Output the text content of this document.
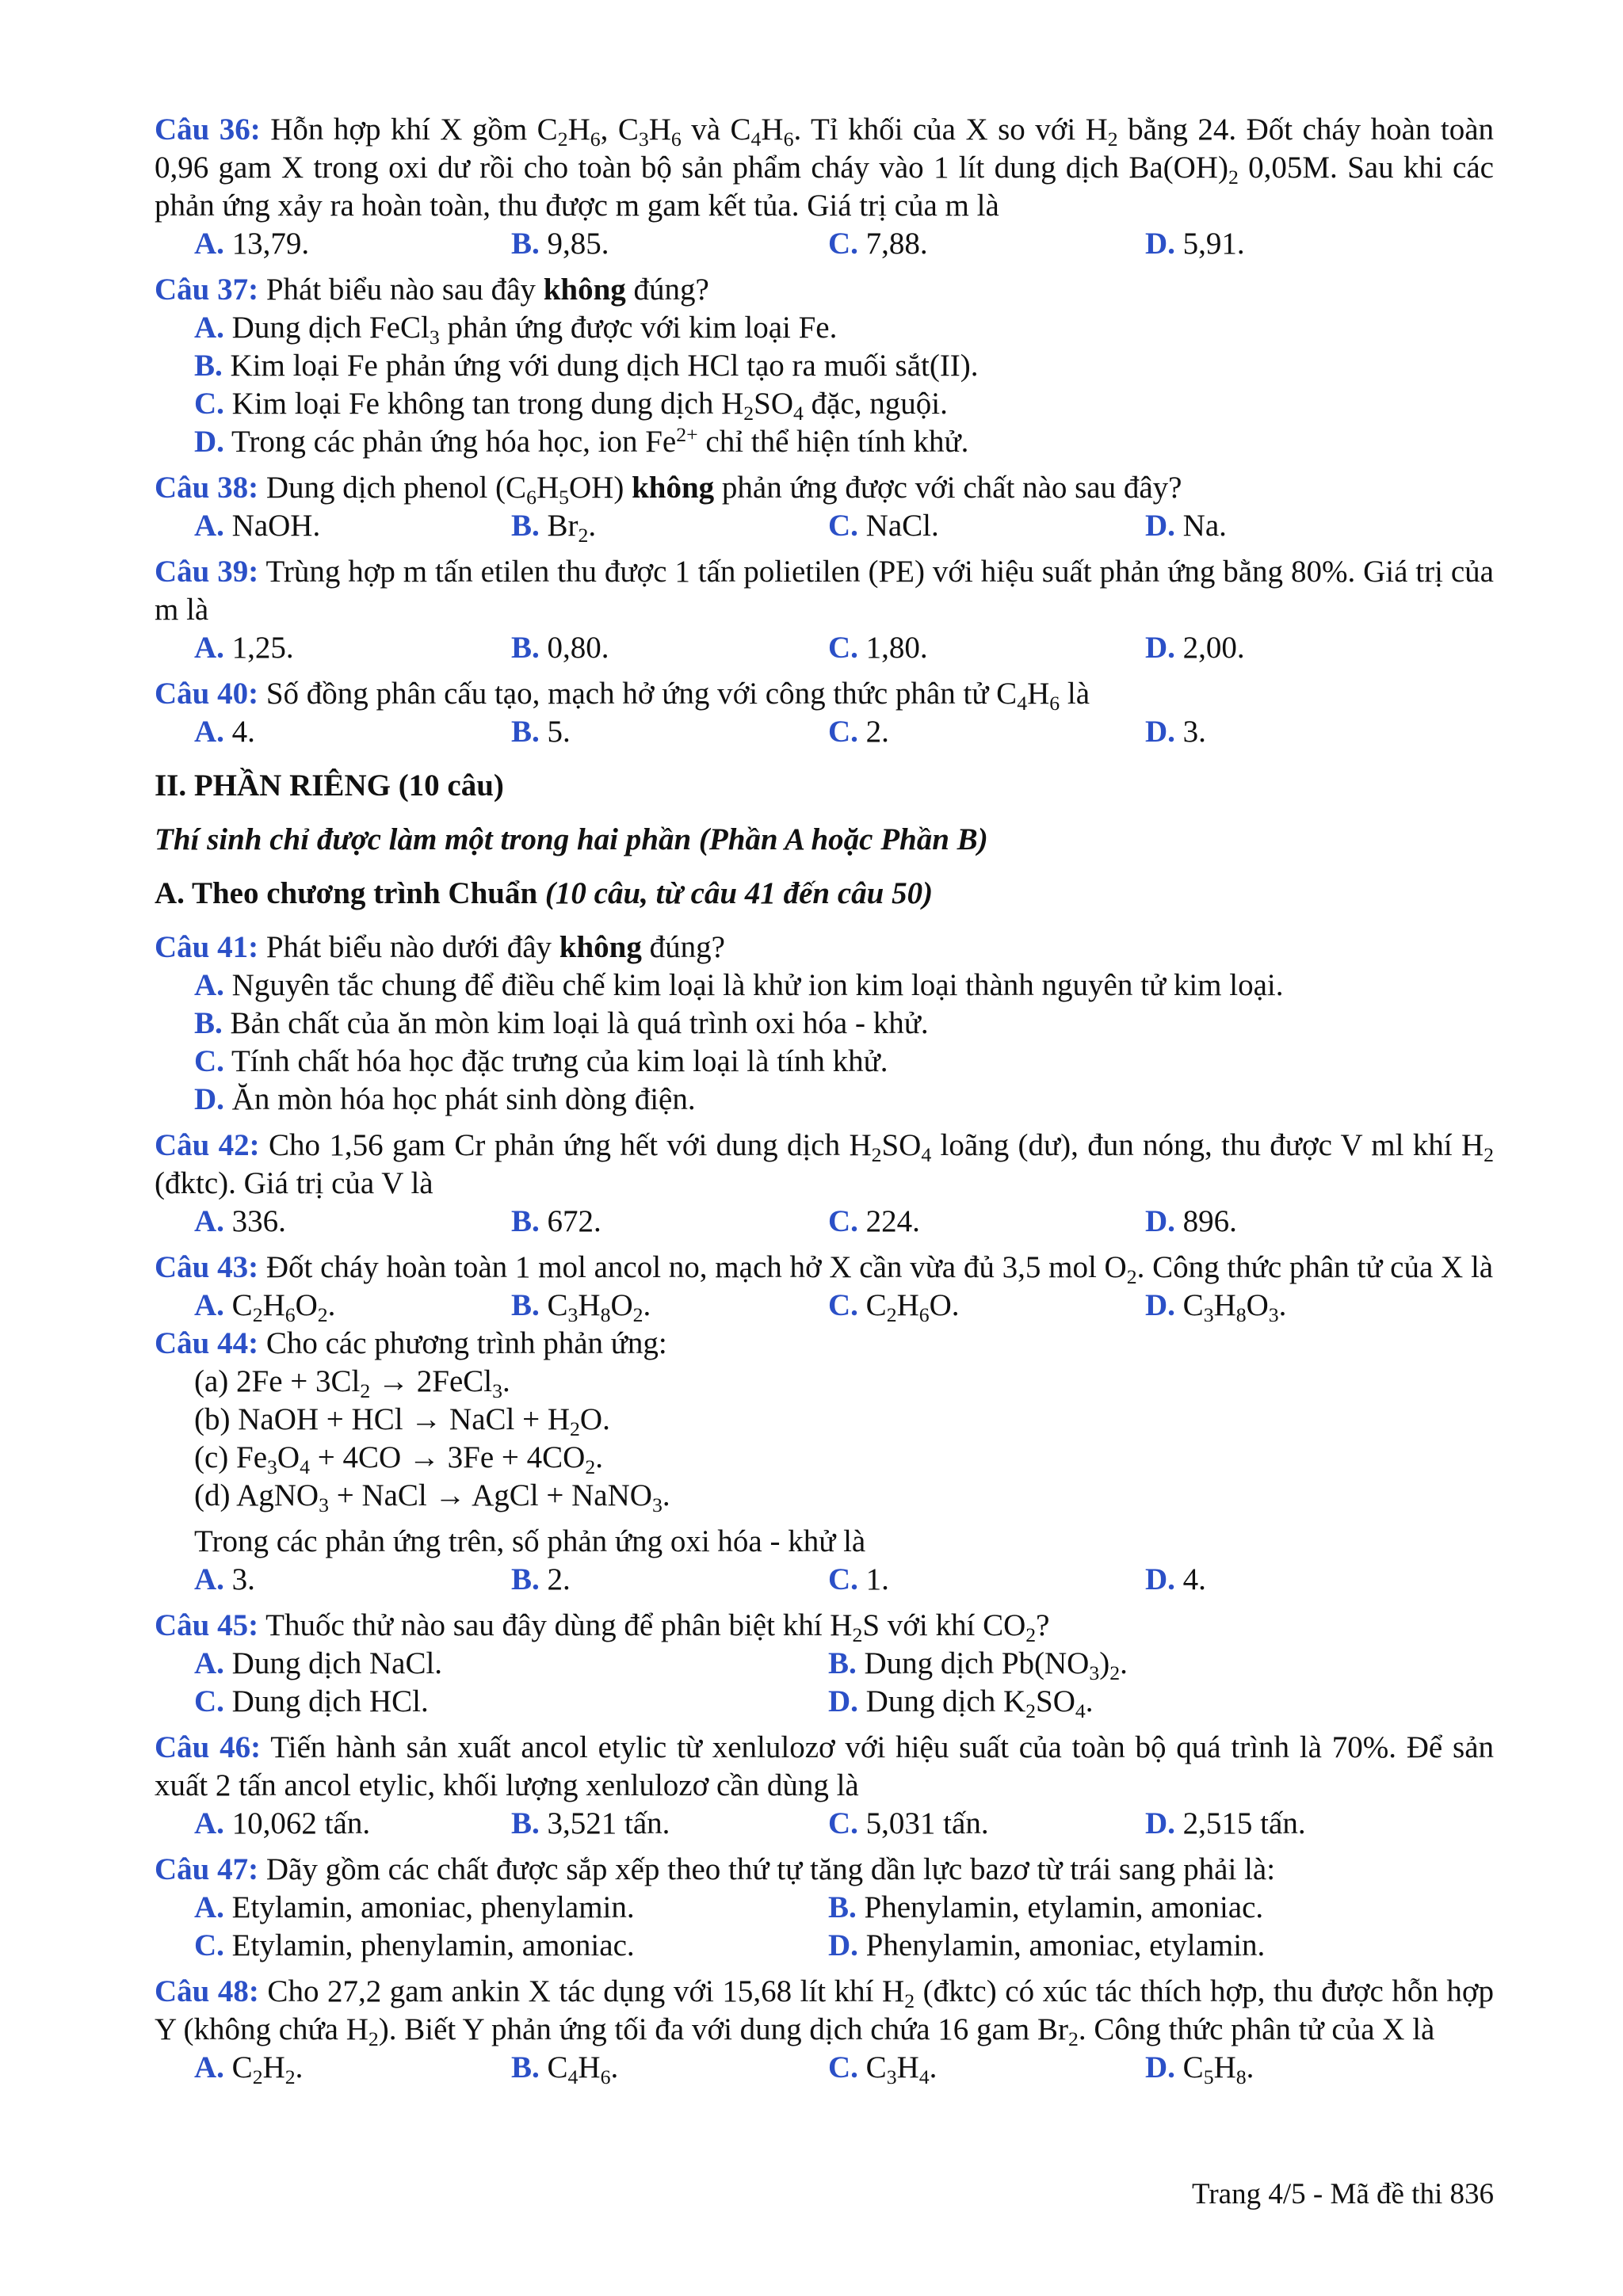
Câu 36: Hỗn hợp khí X gồm $C_2H_6$, $C_3H_6$ và $C_4H_6$. Tỉ khối của X so với $H_2$ bằng 24. Đốt cháy hoàn toàn 0,96 gam X trong oxi dư rồi cho toàn bộ sản phẩm cháy vào 1 lít dung dịch $Ba(OH)_2$ 0,05M. Sau khi các phản ứng xảy ra hoàn toàn, thu được m gam kết tủa. Giá trị của m là

A. 13,79.	B. 9,85.	C. 7,88.	D. 5,91.

Câu 37: Phát biểu nào sau đây không đúng?

A. Dung dịch FeCl$_3$ phản ứng được với kim loại Fe.
B. Kim loại Fe phản ứng với dung dịch HCl tạo ra muối sắt(II).
C. Kim loại Fe không tan trong dung dịch $H_2SO_4$ đặc, nguội.
D. Trong các phản ứng hóa học, ion $Fe^{2+}$ chỉ thể hiện tính khử.

Câu 38: Dung dịch phenol $(C_6H_5OH)$ không phản ứng được với chất nào sau đây?

A. NaOH.	B. $Br_2$.	C. NaCl.	D. Na.

Câu 39: Trùng hợp m tấn etilen thu được 1 tấn polietilen (PE) với hiệu suất phản ứng bằng 80%. Giá trị của m là

A. 1,25.	B. 0,80.	C. 1,80.	D. 2,00.

Câu 40: Số đồng phân cấu tạo, mạch hở ứng với công thức phân tử $C_4H_6$ là

A. 4.	B. 5.	C. 2.	D. 3.

II. PHẦN RIÊNG (10 câu)

Thí sinh chỉ được làm một trong hai phần (Phần A hoặc Phần B)

A. Theo chương trình Chuẩn (10 câu, từ câu 41 đến câu 50)

Câu 41: Phát biểu nào dưới đây không đúng?

A. Nguyên tắc chung để điều chế kim loại là khử ion kim loại thành nguyên tử kim loại.
B. Bản chất của ăn mòn kim loại là quá trình oxi hóa - khử.
C. Tính chất hóa học đặc trưng của kim loại là tính khử.
D. Ăn mòn hóa học phát sinh dòng điện.

Câu 42: Cho 1,56 gam Cr phản ứng hết với dung dịch $H_2SO_4$ loãng (dư), đun nóng, thu được V ml khí $H_2$ (đktc). Giá trị của V là

A. 336.	B. 672.	C. 224.	D. 896.

Câu 43: Đốt cháy hoàn toàn 1 mol ancol no, mạch hở X cần vừa đủ 3,5 mol $O_2$. Công thức phân tử của X là

A. $C_2H_6O_2$.	B. $C_3H_8O_2$.	C. $C_2H_6O$.	D. $C_3H_8O_3$.

Câu 44: Cho các phương trình phản ứng:

(a) $2Fe + 3Cl_2$ → 2FeCl$_3$.
(b) NaOH + HCl → NaCl + $H_2O$.
(c) $Fe_3O_4 + 4CO \to 3Fe + 4CO_2$.
(d) AgNO$_3$ + NaCl → AgCl + NaNO$_3$.
Trong các phản ứng trên, số phản ứng oxi hóa - khử là
A. 3.	B. 2.	C. 1.	D. 4.

Câu 45: Thuốc thử nào sau đây dùng để phân biệt khí $H_2S$ với khí $CO_2$?

A. Dung dịch NaCl.	B. Dung dịch $Pb(NO_3)_2$.
C. Dung dịch HCl.	D. Dung dịch $K_2SO_4$.

Câu 46: Tiến hành sản xuất ancol etylic từ xenlulozơ với hiệu suất của toàn bộ quá trình là 70%. Để sản xuất 2 tấn ancol etylic, khối lượng xenlulozơ cần dùng là

A. 10,062 tấn.	B. 3,521 tấn.	C. 5,031 tấn.	D. 2,515 tấn.

Câu 47: Dãy gồm các chất được sắp xếp theo thứ tự tăng dần lực bazơ từ trái sang phải là:

A. Etylamin, amoniac, phenylamin.	B. Phenylamin, etylamin, amoniac.
C. Etylamin, phenylamin, amoniac.	D. Phenylamin, amoniac, etylamin.

Câu 48: Cho 27,2 gam ankin X tác dụng với 15,68 lít khí $H_2$ (đktc) có xúc tác thích hợp, thu được hỗn hợp Y (không chứa $H_2$). Biết Y phản ứng tối đa với dung dịch chứa 16 gam $Br_2$. Công thức phân tử của X là

A. $C_2H_2$.	B. $C_4H_6$.	C. $C_3H_4$.	D. $C_5H_8$.
Trang 4/5 - Mã đề thi 836
